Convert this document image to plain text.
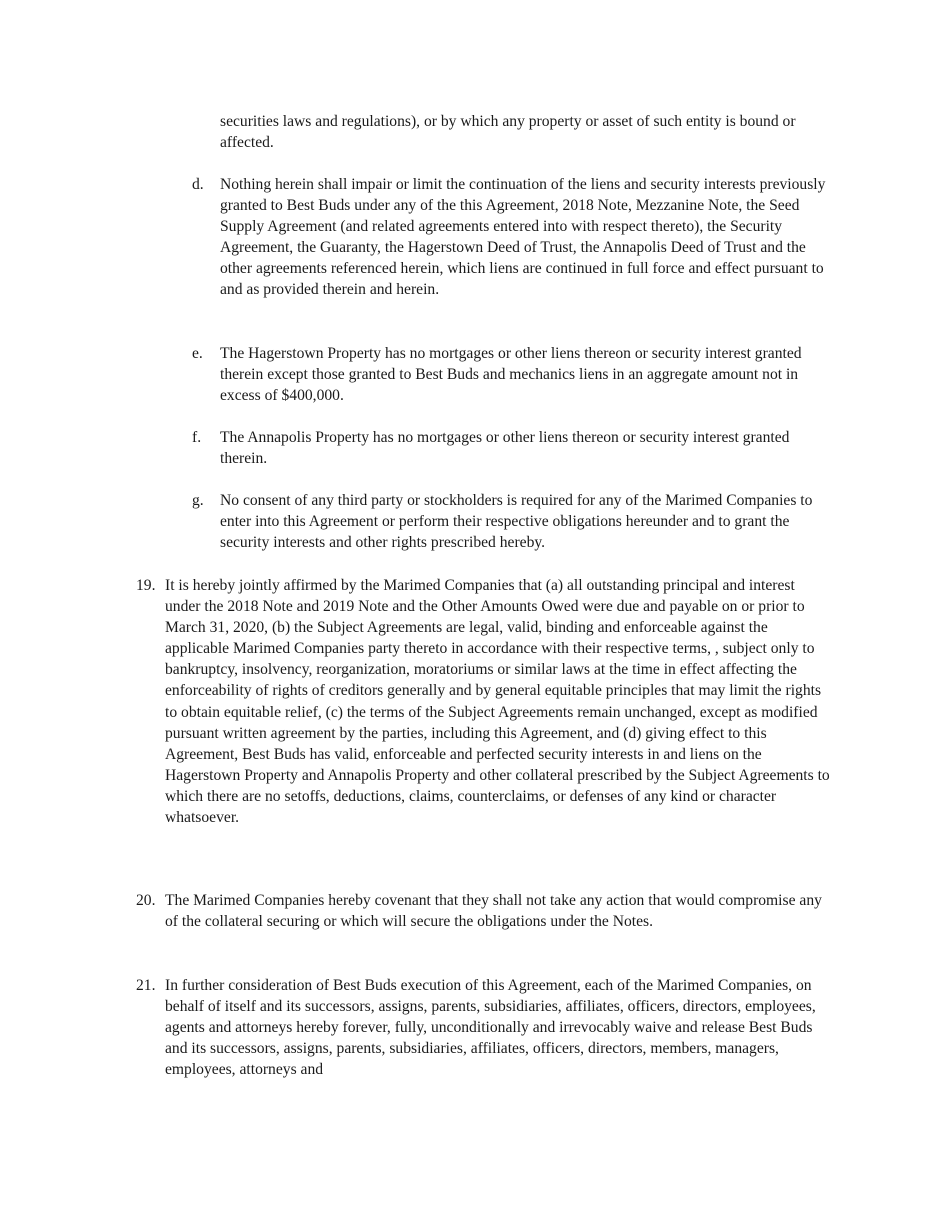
securities laws and regulations), or by which any property or asset of such entity is bound or affected.

d. Nothing herein shall impair or limit the continuation of the liens and security interests previously granted to Best Buds under any of the this Agreement, 2018 Note, Mezzanine Note, the Seed Supply Agreement (and related agreements entered into with respect thereto), the Security Agreement, the Guaranty, the Hagerstown Deed of Trust, the Annapolis Deed of Trust and the other agreements referenced herein, which liens are continued in full force and effect pursuant to and as provided therein and herein.
e. The Hagerstown Property has no mortgages or other liens thereon or security interest granted therein except those granted to Best Buds and mechanics liens in an aggregate amount not in excess of $400,000.
f. The Annapolis Property has no mortgages or other liens thereon or security interest granted therein.
g. No consent of any third party or stockholders is required for any of the Marimed Companies to enter into this Agreement or perform their respective obligations hereunder and to grant the security interests and other rights prescribed hereby.
19. It is hereby jointly affirmed by the Marimed Companies that (a) all outstanding principal and interest under the 2018 Note and 2019 Note and the Other Amounts Owed were due and payable on or prior to March 31, 2020, (b) the Subject Agreements are legal, valid, binding and enforceable against the applicable Marimed Companies party thereto in accordance with their respective terms, , subject only to bankruptcy, insolvency, reorganization, moratoriums or similar laws at the time in effect affecting the enforceability of rights of creditors generally and by general equitable principles that may limit the rights to obtain equitable relief, (c) the terms of the Subject Agreements remain unchanged, except as modified pursuant written agreement by the parties, including this Agreement, and (d) giving effect to this Agreement, Best Buds has valid, enforceable and perfected security interests in and liens on the Hagerstown Property and Annapolis Property and other collateral prescribed by the Subject Agreements to which there are no setoffs, deductions, claims, counterclaims, or defenses of any kind or character whatsoever.
20. The Marimed Companies hereby covenant that they shall not take any action that would compromise any of the collateral securing or which will secure the obligations under the Notes.
21. In further consideration of Best Buds execution of this Agreement, each of the Marimed Companies, on behalf of itself and its successors, assigns, parents, subsidiaries, affiliates, officers, directors, employees, agents and attorneys hereby forever, fully, unconditionally and irrevocably waive and release Best Buds and its successors, assigns, parents, subsidiaries, affiliates, officers, directors, members, managers, employees, attorneys and
